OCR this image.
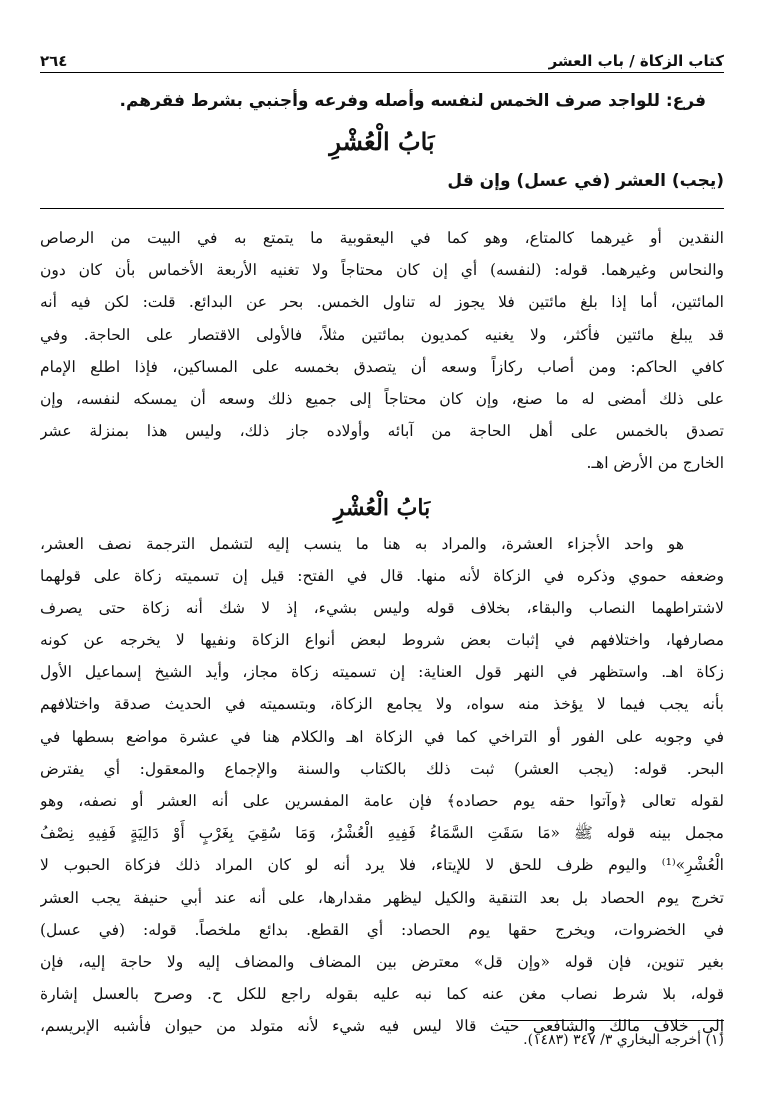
كتاب الزكاة / باب العشر
٢٦٤
فرع: للواجد صرف الخمس لنفسه وأصله وفرعه وأجنبي بشرط فقرهم.
بَابُ الْعُشْرِ
(يجب) العشر (في عسل) وإن قل
النقدين أو غيرهما كالمتاع، وهو كما في اليعقوبية ما يتمتع به في البيت من الرصاص
والنحاس وغيرهما. قوله: (لنفسه) أي إن كان محتاجاً ولا تغنيه الأربعة الأخماس بأن كان دون
المائتين، أما إذا بلغ مائتين فلا يجوز له تناول الخمس. بحر عن البدائع. قلت: لكن فيه أنه
قد يبلغ مائتين فأكثر، ولا يغنيه كمديون بمائتين مثلاً، فالأولى الاقتصار على الحاجة. وفي
كافي الحاكم: ومن أصاب ركازاً وسعه أن يتصدق بخمسه على المساكين، فإذا اطلع الإمام
على ذلك أمضى له ما صنع، وإن كان محتاجاً إلى جميع ذلك وسعه أن يمسكه لنفسه، وإن
تصدق بالخمس على أهل الحاجة من آبائه وأولاده جاز ذلك، وليس هذا بمنزلة عشر
الخارج من الأرض اهـ.
بَابُ الْعُشْرِ
هو واحد الأجزاء العشرة، والمراد به هنا ما ينسب إليه لتشمل الترجمة نصف العشر،
وضعفه حموي وذكره في الزكاة لأنه منها. قال في الفتح: قيل إن تسميته زكاة على قولهما
لاشتراطهما النصاب والبقاء، بخلاف قوله وليس بشيء، إذ لا شك أنه زكاة حتى يصرف
مصارفها، واختلافهم في إثبات بعض شروط لبعض أنواع الزكاة ونفيها لا يخرجه عن كونه
زكاة اهـ. واستظهر في النهر قول العناية: إن تسميته زكاة مجاز، وأيد الشيخ إسماعيل الأول
بأنه يجب فيما لا يؤخذ منه سواه، ولا يجامع الزكاة، وبتسميته في الحديث صدقة واختلافهم
في وجوبه على الفور أو التراخي كما في الزكاة اهـ والكلام هنا في عشرة مواضع بسطها في
البحر. قوله: (يجب العشر) ثبت ذلك بالكتاب والسنة والإجماع والمعقول: أي يفترض
لقوله تعالى ﴿وآتوا حقه يوم حصاده﴾ فإن عامة المفسرين على أنه العشر أو نصفه، وهو
مجمل بينه قوله ﷺ «مَا سَقَتِ السَّمَاءُ فَفِيهِ الْعُشْرُ، وَمَا سُقِيَ بِغَرْبٍ أَوْ دَالِيَةٍ فَفِيهِ نِصْفُ
الْعُشْرِ»⁽¹⁾ واليوم ظرف للحق لا للإيتاء، فلا يرد أنه لو كان المراد ذلك فزكاة الحبوب لا
تخرج يوم الحصاد بل بعد التنقية والكيل ليظهر مقدارها، على أنه عند أبي حنيفة يجب العشر
في الخضروات، ويخرج حقها يوم الحصاد: أي القطع. بدائع ملخصاً. قوله: (في عسل)
بغير تنوين، فإن قوله «وإن قل» معترض بين المضاف والمضاف إليه ولا حاجة إليه، فإن
قوله، بلا شرط نصاب مغن عنه كما نبه عليه بقوله راجع للكل ح. وصرح بالعسل إشارة
إلى خلاف مالك والشافعي حيث قالا ليس فيه شيء لأنه متولد من حيوان فأشبه الإبريسم،
(١) أخرجه البخاري ٣/ ٣٤٧ (١٤٨٣).
